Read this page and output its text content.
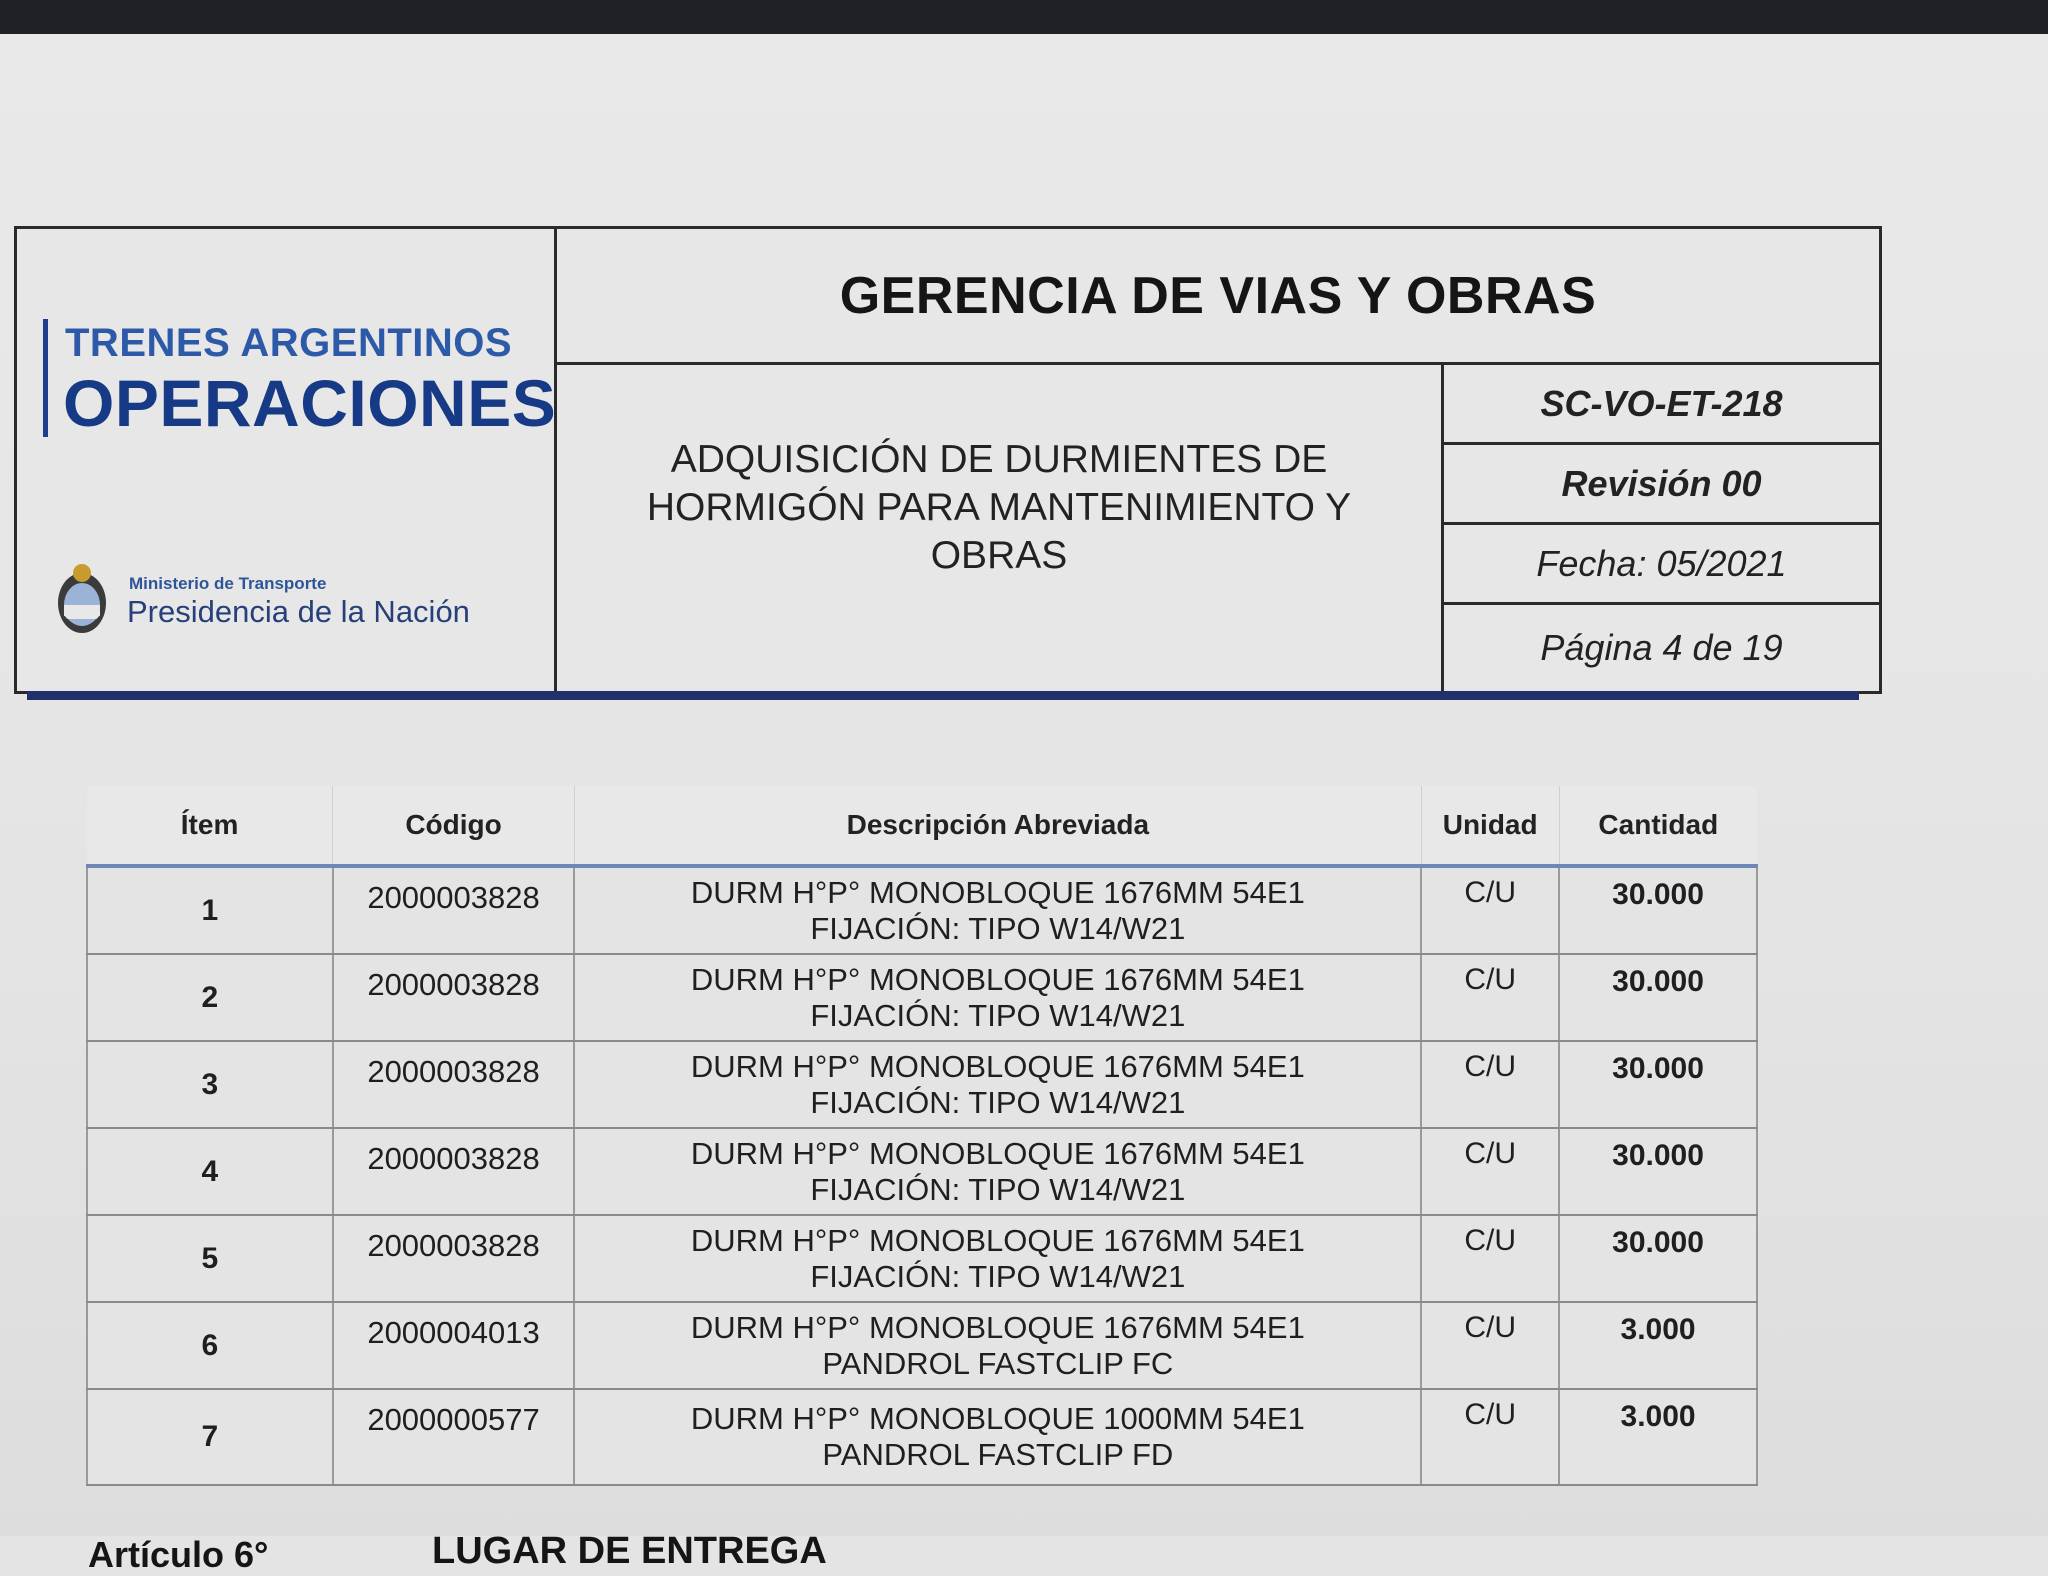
TRENES ARGENTINOS
OPERACIONES
Ministerio de Transporte
Presidencia de la Nación
GERENCIA DE VIAS Y OBRAS
ADQUISICIÓN DE DURMIENTES DE
HORMIGÓN PARA MANTENIMIENTO Y
OBRAS
SC-VO-ET-218
Revisión 00
Fecha: 05/2021
Página 4 de 19
Ítem	Código	Descripción Abreviada	Unidad	Cantidad
1	2000003828	DURM H°P° MONOBLOQUE 1676MM 54E1
FIJACIÓN: TIPO W14/W21	C/U	30.000
2	2000003828	DURM H°P° MONOBLOQUE 1676MM 54E1
FIJACIÓN: TIPO W14/W21	C/U	30.000
3	2000003828	DURM H°P° MONOBLOQUE 1676MM 54E1
FIJACIÓN: TIPO W14/W21	C/U	30.000
4	2000003828	DURM H°P° MONOBLOQUE 1676MM 54E1
FIJACIÓN: TIPO W14/W21	C/U	30.000
5	2000003828	DURM H°P° MONOBLOQUE 1676MM 54E1
FIJACIÓN: TIPO W14/W21	C/U	30.000
6	2000004013	DURM H°P° MONOBLOQUE 1676MM 54E1
PANDROL FASTCLIP FC	C/U	3.000
7	2000000577	DURM H°P° MONOBLOQUE 1000MM 54E1
PANDROL FASTCLIP FD	C/U	3.000
Artículo 6°	LUGAR DE ENTREGA
